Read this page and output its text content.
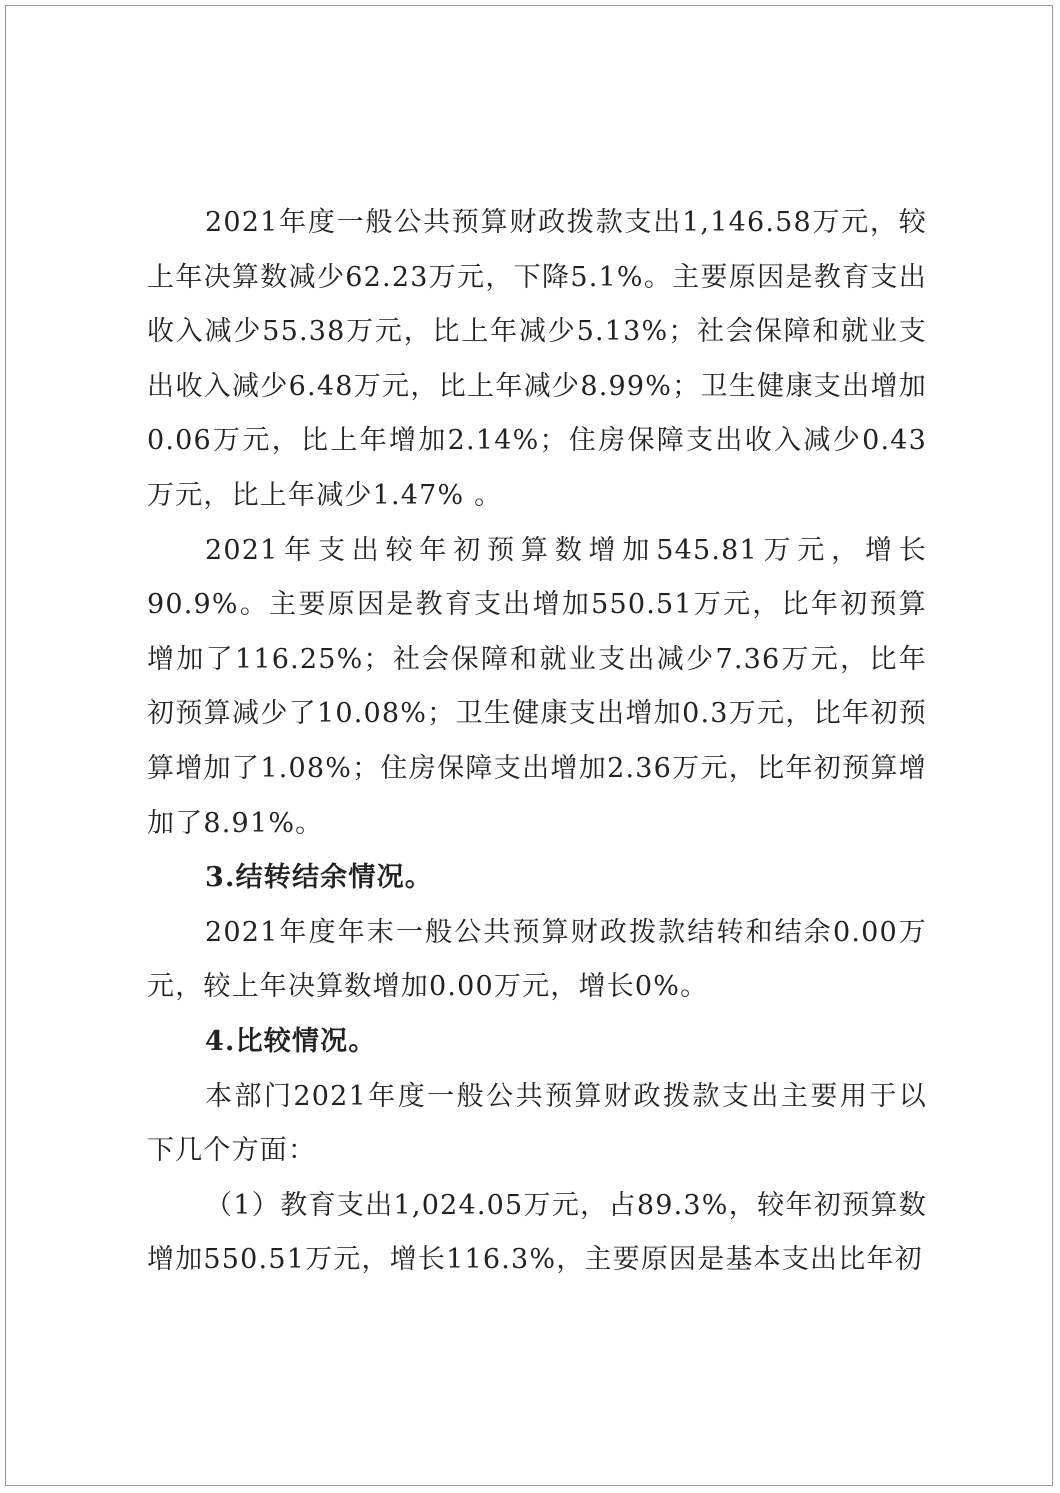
2021年度一般公共预算财政拨款支出1,146.58万元，较上年决算数减少62.23万元，下降5.1%。主要原因是教育支出收入减少55.38万元，比上年减少5.13%；社会保障和就业支出收入减少6.48万元，比上年减少8.99%；卫生健康支出增加0.06万元，比上年增加2.14%；住房保障支出收入减少0.43万元，比上年减少1.47% 。

2021年支出较年初预算数增加545.81万元，增长90.9%。主要原因是教育支出增加550.51万元，比年初预算增加了116.25%；社会保障和就业支出减少7.36万元，比年初预算减少了10.08%；卫生健康支出增加0.3万元，比年初预算增加了1.08%；住房保障支出增加2.36万元，比年初预算增加了8.91%。

3.结转结余情况。

2021年度年末一般公共预算财政拨款结转和结余0.00万元，较上年决算数增加0.00万元，增长0%。

4.比较情况。

本部门2021年度一般公共预算财政拨款支出主要用于以下几个方面：

（1）教育支出1,024.05万元，占89.3%，较年初预算数增加550.51万元，增长116.3%，主要原因是基本支出比年初
